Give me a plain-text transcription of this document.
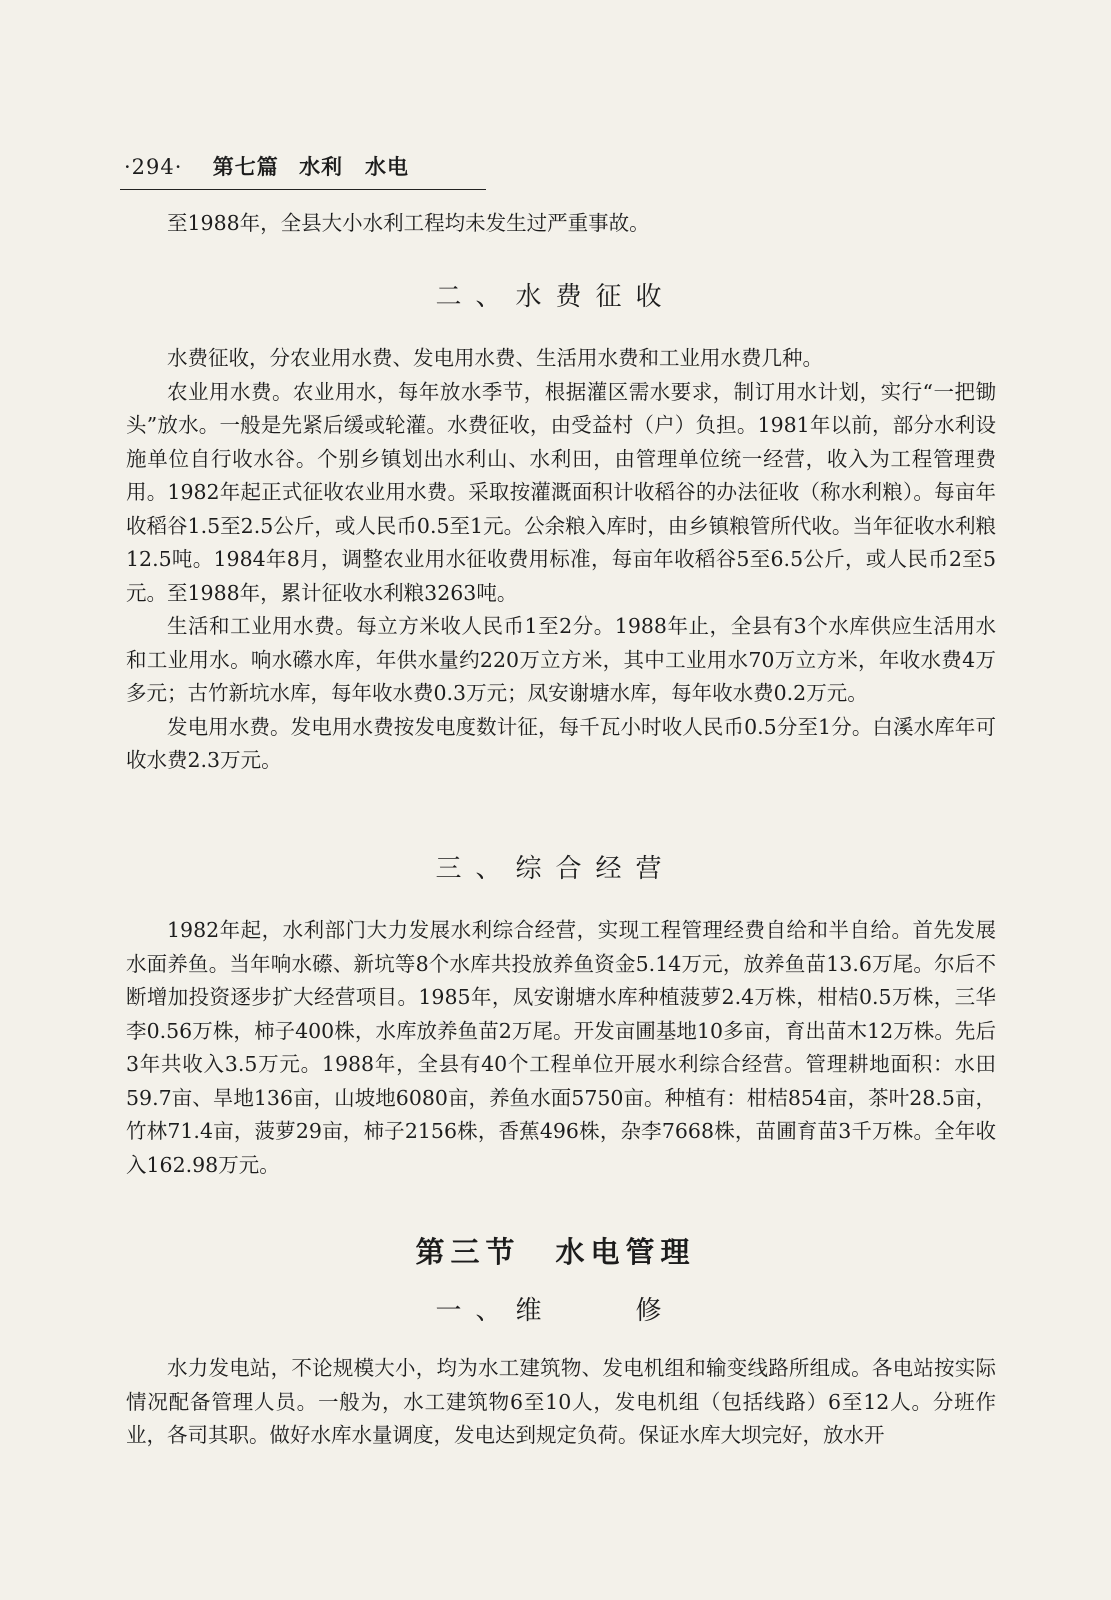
·294· 第七篇 水利　水电

至1988年，全县大小水利工程均未发生过严重事故。

二、水费征收

水费征收，分农业用水费、发电用水费、生活用水费和工业用水费几种。

农业用水费。农业用水，每年放水季节，根据灌区需水要求，制订用水计划，实行“一把锄头”放水。一般是先紧后缓或轮灌。水费征收，由受益村（户）负担。1981年以前，部分水利设施单位自行收水谷。个别乡镇划出水利山、水利田，由管理单位统一经营，收入为工程管理费用。1982年起正式征收农业用水费。采取按灌溉面积计收稻谷的办法征收（称水利粮）。每亩年收稻谷1.5至2.5公斤，或人民币0.5至1元。公余粮入库时，由乡镇粮管所代收。当年征收水利粮12.5吨。1984年8月，调整农业用水征收费用标准，每亩年收稻谷5至6.5公斤，或人民币2至5元。至1988年，累计征收水利粮3263吨。

生活和工业用水费。每立方米收人民币1至2分。1988年止，全县有3个水库供应生活用水和工业用水。响水礤水库，年供水量约220万立方米，其中工业用水70万立方米，年收水费4万多元；古竹新坑水库，每年收水费0.3万元；凤安谢塘水库，每年收水费0.2万元。

发电用水费。发电用水费按发电度数计征，每千瓦小时收人民币0.5分至1分。白溪水库年可收水费2.3万元。

三、综合经营

1982年起，水利部门大力发展水利综合经营，实现工程管理经费自给和半自给。首先发展水面养鱼。当年响水礤、新坑等8个水库共投放养鱼资金5.14万元，放养鱼苗13.6万尾。尔后不断增加投资逐步扩大经营项目。1985年，凤安谢塘水库种植菠萝2.4万株，柑桔0.5万株，三华李0.56万株，柿子400株，水库放养鱼苗2万尾。开发亩圃基地10多亩，育出苗木12万株。先后3年共收入3.5万元。1988年，全县有40个工程单位开展水利综合经营。管理耕地面积：水田59.7亩、旱地136亩，山坡地6080亩，养鱼水面5750亩。种植有：柑桔854亩，茶叶28.5亩，竹林71.4亩，菠萝29亩，柿子2156株，香蕉496株，杂李7668株，苗圃育苗3千万株。全年收入162.98万元。

第三节　水电管理
一、维　　修

水力发电站，不论规模大小，均为水工建筑物、发电机组和输变线路所组成。各电站按实际情况配备管理人员。一般为，水工建筑物6至10人，发电机组（包括线路）6至12人。分班作业，各司其职。做好水库水量调度，发电达到规定负荷。保证水库大坝完好，放水开
